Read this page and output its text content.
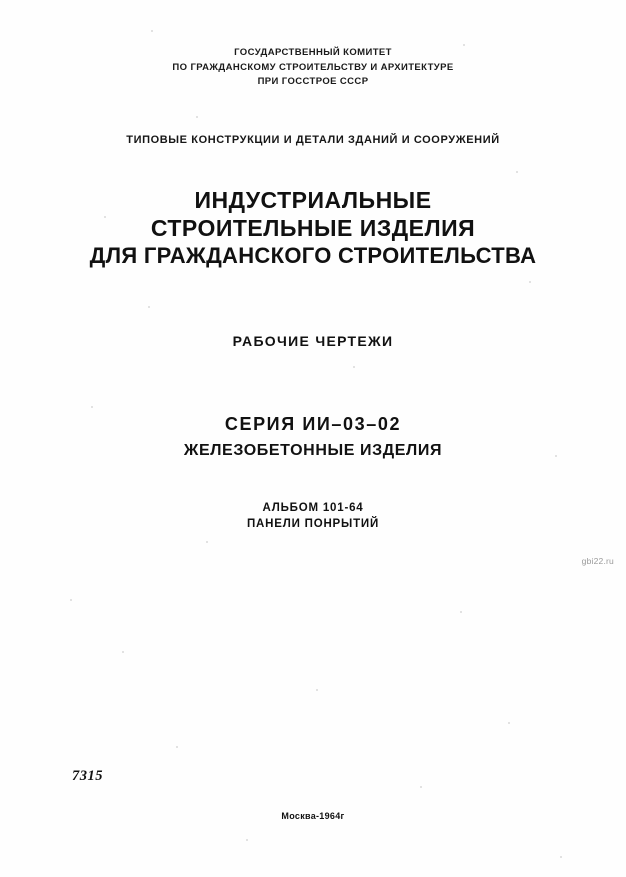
ГОСУДАРСТВЕННЫЙ КОМИТЕТ
ПО ГРАЖДАНСКОМУ СТРОИТЕЛЬСТВУ И АРХИТЕКТУРЕ
ПРИ ГОССТРОЕ СССР
ТИПОВЫЕ КОНСТРУКЦИИ И ДЕТАЛИ ЗДАНИЙ И СООРУЖЕНИЙ
ИНДУСТРИАЛЬНЫЕ
СТРОИТЕЛЬНЫЕ ИЗДЕЛИЯ
ДЛЯ ГРАЖДАНСКОГО СТРОИТЕЛЬСТВА
РАБОЧИЕ ЧЕРТЕЖИ
СЕРИЯ ИИ–03–02
ЖЕЛЕЗОБЕТОННЫЕ ИЗДЕЛИЯ
АЛЬБОМ 101-64
ПАНЕЛИ ПОНРЫТИЙ
gbi22.ru
7315
Москва-1964г
